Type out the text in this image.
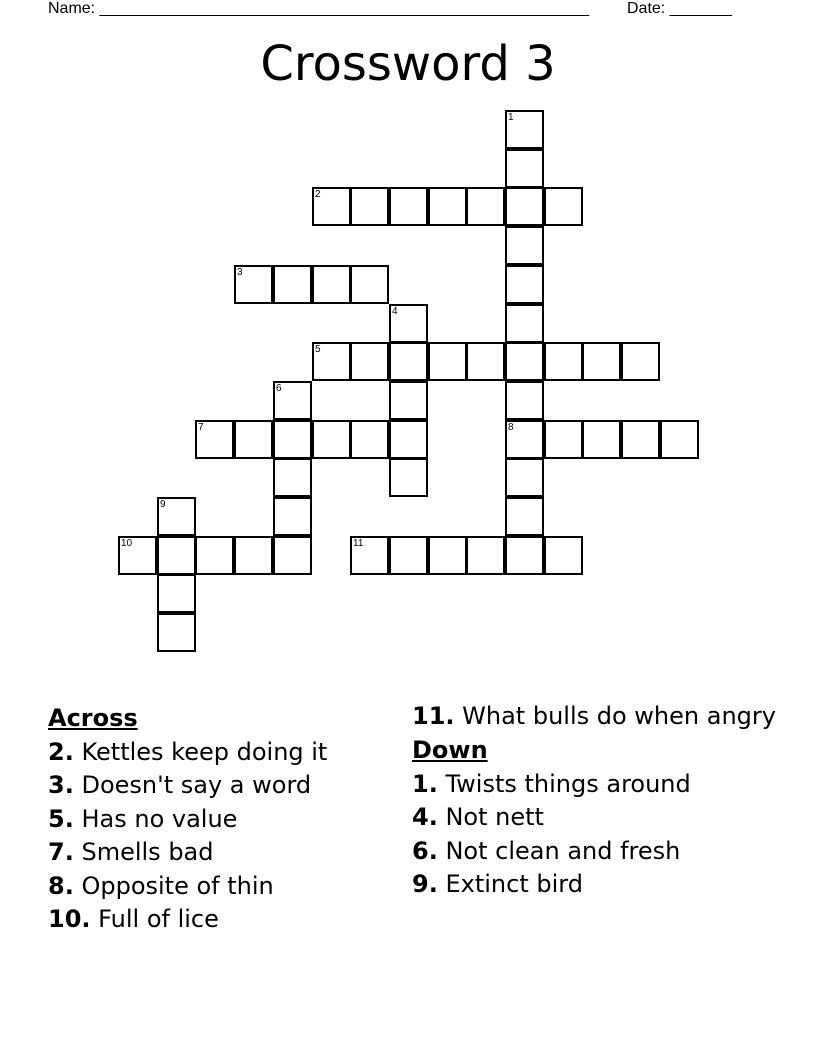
Name: _______________________________________________________ Date: _______
Crossword 3
1
2
3
4
5
6
7	8
9
10	11
Across
2. Kettles keep doing it
3. Doesn't say a word
5. Has no value
7. Smells bad
8. Opposite of thin
10. Full of lice
11. What bulls do when angry
Down
1. Twists things around
4. Not nett
6. Not clean and fresh
9. Extinct bird
